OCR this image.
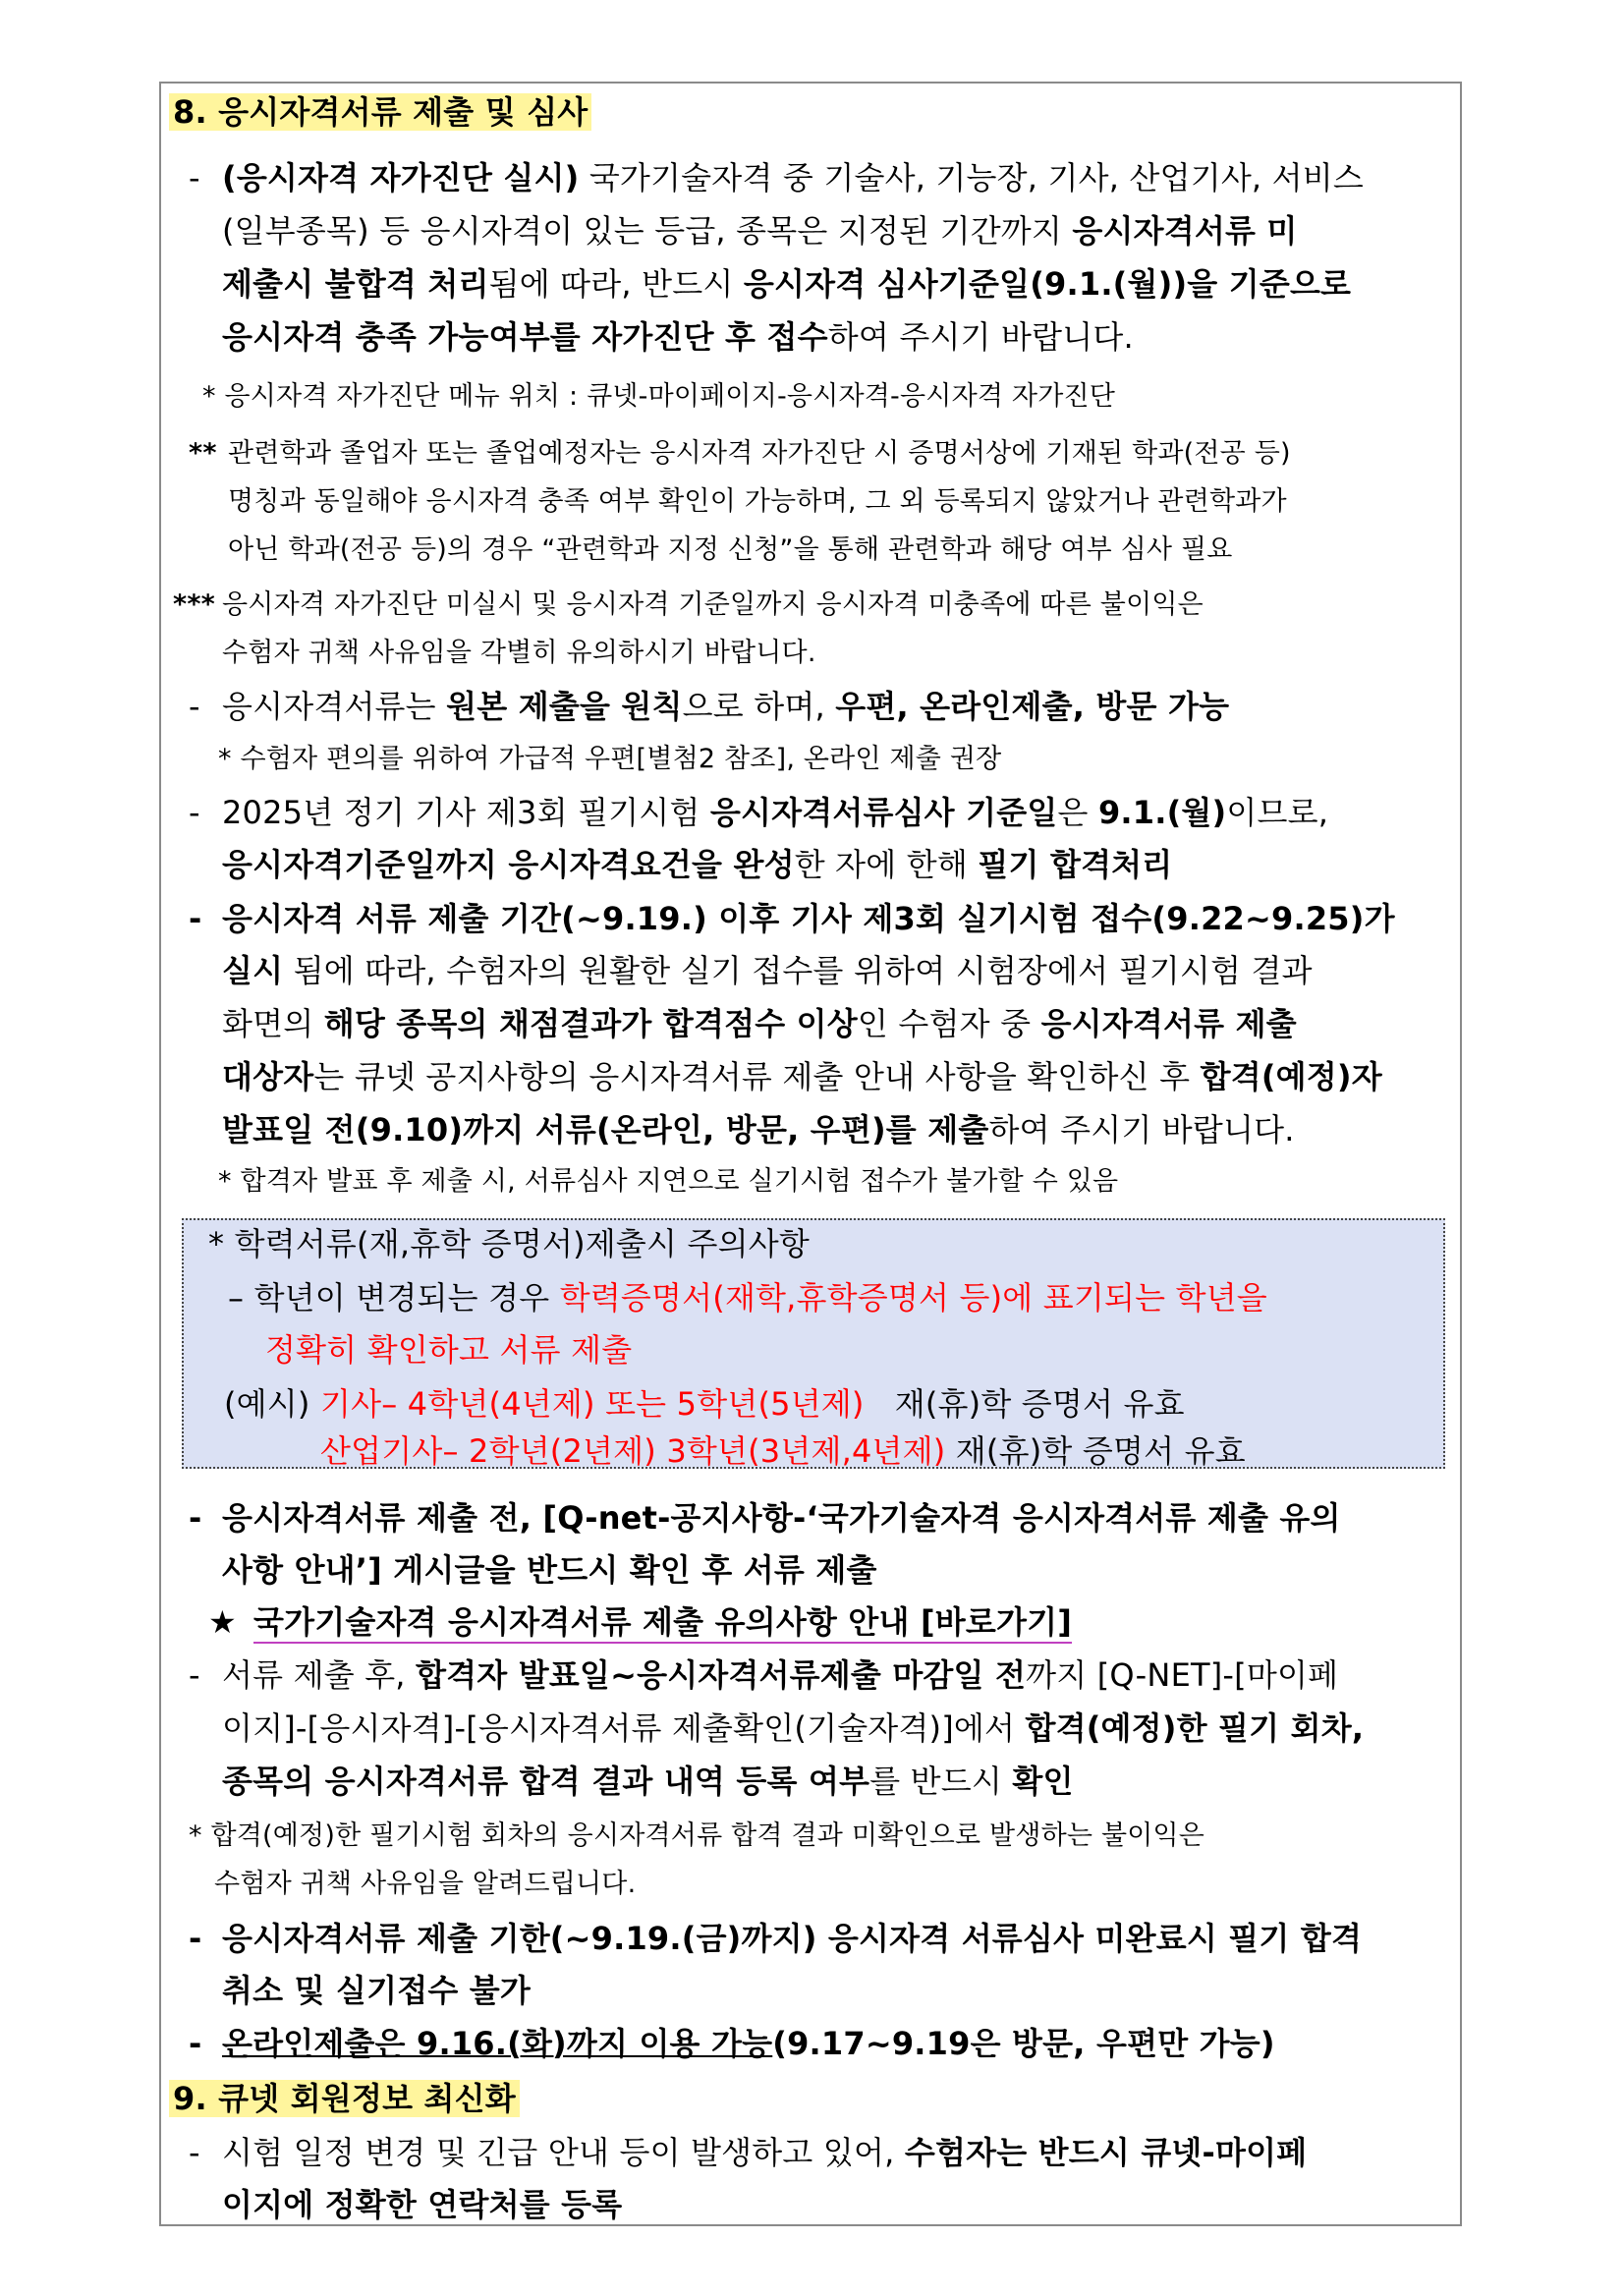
8. 응시자격서류 제출 및 심사
- (응시자격 자가진단 실시) 국가기술자격 중 기술사, 기능장, 기사, 산업기사, 서비스
(일부종목) 등 응시자격이 있는 등급, 종목은 지정된 기간까지 응시자격서류 미
제출시 불합격 처리됨에 따라, 반드시 응시자격 심사기준일(9.1.(월))을 기준으로
응시자격 충족 가능여부를 자가진단 후 접수하여 주시기 바랍니다.
* 응시자격 자가진단 메뉴 위치 : 큐넷-마이페이지-응시자격-응시자격 자가진단
** 관련학과 졸업자 또는 졸업예정자는 응시자격 자가진단 시 증명서상에 기재된 학과(전공 등)
명칭과 동일해야 응시자격 충족 여부 확인이 가능하며, 그 외 등록되지 않았거나 관련학과가
아닌 학과(전공 등)의 경우 “관련학과 지정 신청”을 통해 관련학과 해당 여부 심사 필요
*** 응시자격 자가진단 미실시 및 응시자격 기준일까지 응시자격 미충족에 따른 불이익은
수험자 귀책 사유임을 각별히 유의하시기 바랍니다.
- 응시자격서류는 원본 제출을 원칙으로 하며, 우편, 온라인제출, 방문 가능
* 수험자 편의를 위하여 가급적 우편[별첨2 참조], 온라인 제출 권장
- 2025년 정기 기사 제3회 필기시험 응시자격서류심사 기준일은 9.1.(월)이므로,
응시자격기준일까지 응시자격요건을 완성한 자에 한해 필기 합격처리
- 응시자격 서류 제출 기간(~9.19.) 이후 기사 제3회 실기시험 접수(9.22~9.25)가
실시 됨에 따라, 수험자의 원활한 실기 접수를 위하여 시험장에서 필기시험 결과
화면의 해당 종목의 채점결과가 합격점수 이상인 수험자 중 응시자격서류 제출
대상자는 큐넷 공지사항의 응시자격서류 제출 안내 사항을 확인하신 후 합격(예정)자
발표일 전(9.10)까지 서류(온라인, 방문, 우편)를 제출하여 주시기 바랍니다.
* 합격자 발표 후 제출 시, 서류심사 지연으로 실기시험 접수가 불가할 수 있음
* 학력서류(재,휴학 증명서)제출시 주의사항
– 학년이 변경되는 경우 학력증명서(재학,휴학증명서 등)에 표기되는 학년을
정확히 확인하고 서류 제출
(예시) 기사– 4학년(4년제) 또는 5학년(5년제) 재(휴)학 증명서 유효
산업기사– 2학년(2년제) 3학년(3년제,4년제) 재(휴)학 증명서 유효
- 응시자격서류 제출 전, [Q-net-공지사항-‘국가기술자격 응시자격서류 제출 유의
사항 안내’] 게시글을 반드시 확인 후 서류 제출
★ 국가기술자격 응시자격서류 제출 유의사항 안내 [바로가기]
- 서류 제출 후, 합격자 발표일~응시자격서류제출 마감일 전까지 [Q-NET]-[마이페
이지]-[응시자격]-[응시자격서류 제출확인(기술자격)]에서 합격(예정)한 필기 회차,
종목의 응시자격서류 합격 결과 내역 등록 여부를 반드시 확인
* 합격(예정)한 필기시험 회차의 응시자격서류 합격 결과 미확인으로 발생하는 불이익은
수험자 귀책 사유임을 알려드립니다.
- 응시자격서류 제출 기한(~9.19.(금)까지) 응시자격 서류심사 미완료시 필기 합격
취소 및 실기접수 불가
- 온라인제출은 9.16.(화)까지 이용 가능(9.17~9.19은 방문, 우편만 가능)
9. 큐넷 회원정보 최신화
- 시험 일정 변경 및 긴급 안내 등이 발생하고 있어, 수험자는 반드시 큐넷-마이페
이지에 정확한 연락처를 등록
